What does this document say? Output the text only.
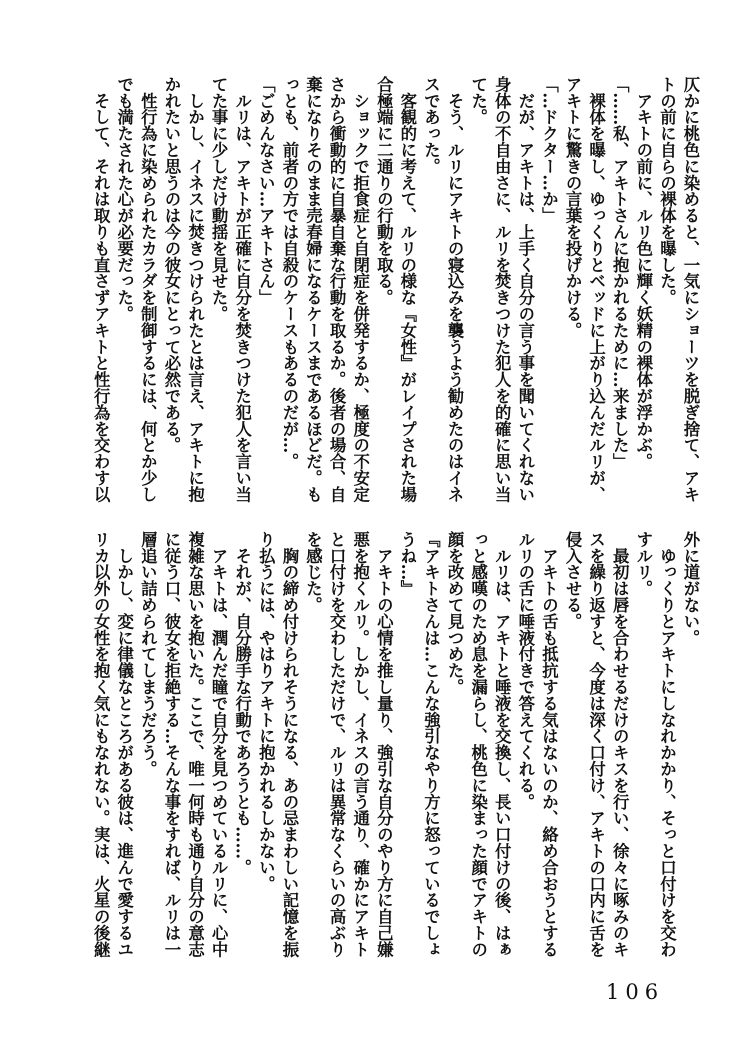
仄かに桃色に染めると、一気にショーツを脱ぎ捨て、アキ
トの前に自らの裸体を曝した。
　アキトの前に、ルリ色に輝く妖精の裸体が浮かぶ。
「……私、アキトさんに抱かれるために…来ました」
　裸体を曝し、ゆっくりとベッドに上がり込んだルリが、
アキトに驚きの言葉を投げかける。
「…ドクター…か」
　だが、アキトは、上手く自分の言う事を聞いてくれない
身体の不自由さに、ルリを焚きつけた犯人を的確に思い当
てた。
　そう、ルリにアキトの寝込みを襲うよう勧めたのはイネ
スであった。
　客観的に考えて、ルリの様な『女性』がレイプされた場
合極端に二通りの行動を取る。
　ショックで拒食症と自閉症を併発するか、極度の不安定
さから衝動的に自暴自棄な行動を取るか。後者の場合、自
棄になりそのまま売春婦になるケースまであるほどだ。も
っとも、前者の方では自殺のケースもあるのだが…。
「ごめんなさい…アキトさん」
　ルリは、アキトが正確に自分を焚きつけた犯人を言い当
てた事に少しだけ動揺を見せた。
　しかし、イネスに焚きつけられたとは言え、アキトに抱
かれたいと思うのは今の彼女にとって必然である。
　性行為に染められたカラダを制御するには、何とか少し
でも満たされた心が必要だった。
　そして、それは取りも直さずアキトと性行為を交わす以
外に道がない。
　ゆっくりとアキトにしなれかかり、そっと口付けを交わ
すルリ。
　最初は唇を合わせるだけのキスを行い、徐々に啄みのキ
スを繰り返すと、今度は深く口付け、アキトの口内に舌を
侵入させる。
　アキトの舌も抵抗する気はないのか、絡め合おうとする
ルリの舌に唾液付きで答えてくれる。
　ルリは、アキトと唾液を交換し、長い口付けの後、はぁ
っと感嘆のため息を漏らし、桃色に染まった顔でアキトの
顔を改めて見つめた。
『アキトさんは…こんな強引なやり方に怒っているでしょ
うね…』
　アキトの心情を推し量り、強引な自分のやり方に自己嫌
悪を抱くルリ。しかし、イネスの言う通り、確かにアキト
と口付けを交わしただけで、ルリは異常なくらいの高ぶり
を感じた。
　胸の締め付けられそうになる、あの忌まわしい記憶を振
り払うには、やはりアキトに抱かれるしかない。
　それが、自分勝手な行動であろうとも……。
　アキトは、潤んだ瞳で自分を見つめているルリに、心中
複雑な思いを抱いた。ここで、唯一何時も通り自分の意志
に従う口、彼女を拒絶する…そんな事をすれば、ルリは一
層追い詰められてしまうだろう。
　しかし、変に律儀なところがある彼は、進んで愛するユ
リカ以外の女性を抱く気にもなれない。実は、火星の後継
106
